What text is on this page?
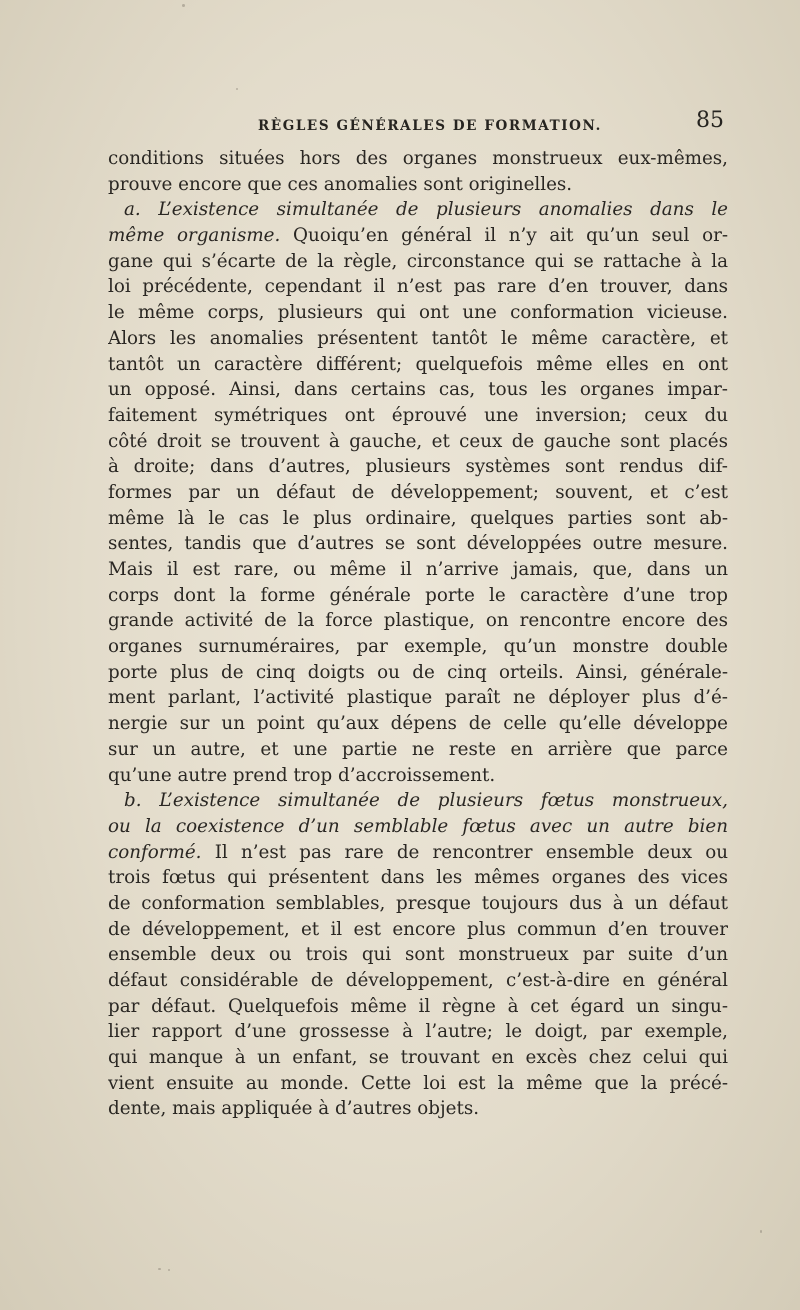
RÈGLES GÉNÉRALES DE FORMATION.	85
conditions situées hors des organes monstrueux eux-mêmes,
prouve encore que ces anomalies sont originelles.
a. L’existence simultanée de plusieurs anomalies dans le
même organisme. Quoiqu’en général il n’y ait qu’un seul or-
gane qui s’écarte de la règle, circonstance qui se rattache à la
loi précédente, cependant il n’est pas rare d’en trouver, dans
le même corps, plusieurs qui ont une conformation vicieuse.
Alors les anomalies présentent tantôt le même caractère, et
tantôt un caractère différent; quelquefois même elles en ont
un opposé. Ainsi, dans certains cas, tous les organes impar-
faitement symétriques ont éprouvé une inversion; ceux du
côté droit se trouvent à gauche, et ceux de gauche sont placés
à droite; dans d’autres, plusieurs systèmes sont rendus dif-
formes par un défaut de développement; souvent, et c’est
même là le cas le plus ordinaire, quelques parties sont ab-
sentes, tandis que d’autres se sont développées outre mesure.
Mais il est rare, ou même il n’arrive jamais, que, dans un
corps dont la forme générale porte le caractère d’une trop
grande activité de la force plastique, on rencontre encore des
organes surnuméraires, par exemple, qu’un monstre double
porte plus de cinq doigts ou de cinq orteils. Ainsi, générale-
ment parlant, l’activité plastique paraît ne déployer plus d’é-
nergie sur un point qu’aux dépens de celle qu’elle développe
sur un autre, et une partie ne reste en arrière que parce
qu’une autre prend trop d’accroissement.
b. L’existence simultanée de plusieurs fœtus monstrueux,
ou la coexistence d’un semblable fœtus avec un autre bien
conformé. Il n’est pas rare de rencontrer ensemble deux ou
trois fœtus qui présentent dans les mêmes organes des vices
de conformation semblables, presque toujours dus à un défaut
de développement, et il est encore plus commun d’en trouver
ensemble deux ou trois qui sont monstrueux par suite d’un
défaut considérable de développement, c’est-à-dire en général
par défaut. Quelquefois même il règne à cet égard un singu-
lier rapport d’une grossesse à l’autre; le doigt, par exemple,
qui manque à un enfant, se trouvant en excès chez celui qui
vient ensuite au monde. Cette loi est la même que la précé-
dente, mais appliquée à d’autres objets.
